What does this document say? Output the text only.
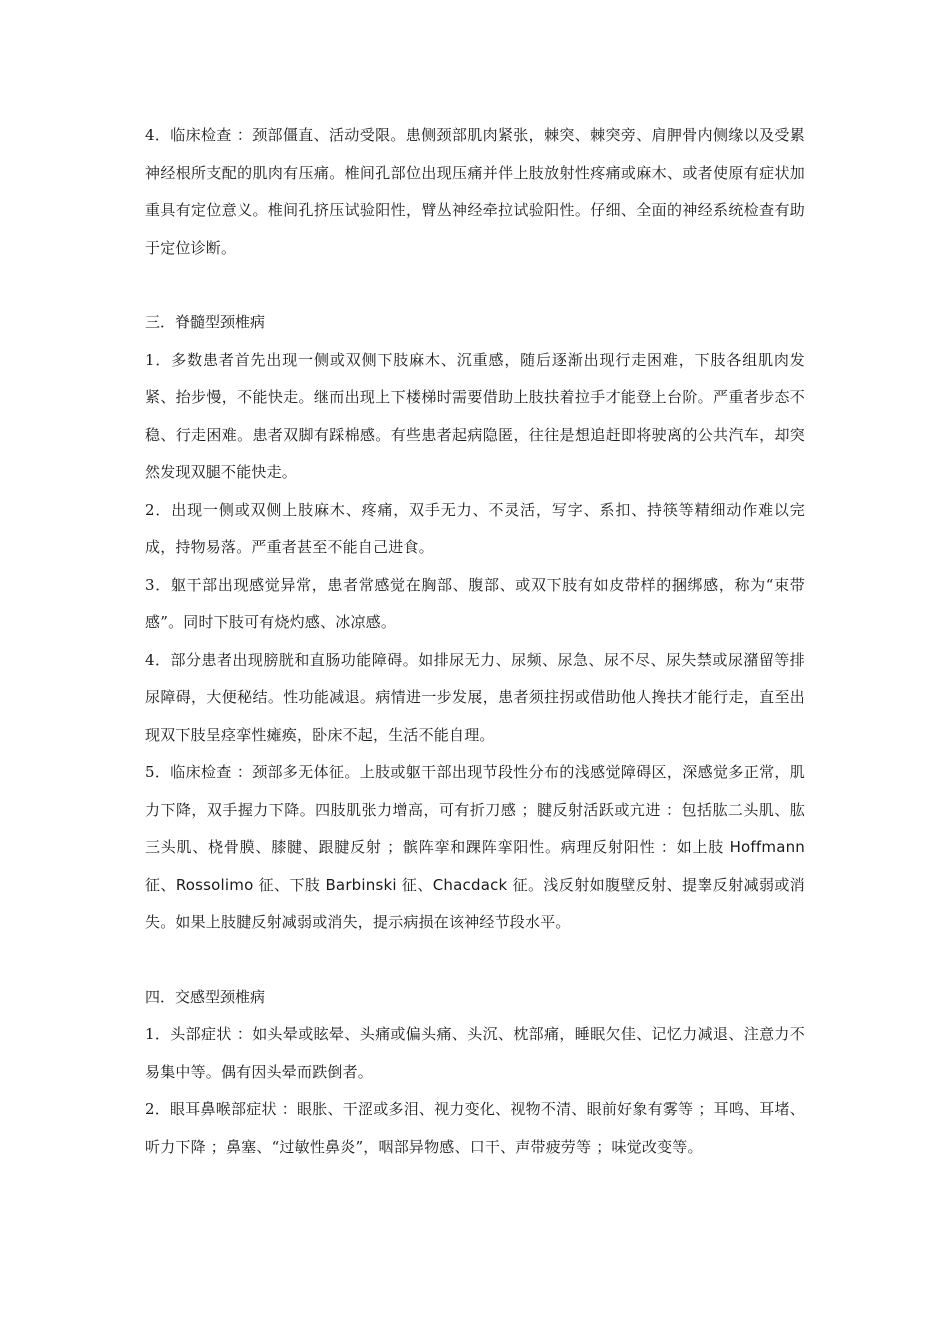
4．临床检查 ：颈部僵直、活动受限。患侧颈部肌肉紧张，棘突、棘突旁、肩胛骨内侧缘以及受累神经根所支配的肌肉有压痛。椎间孔部位出现压痛并伴上肢放射性疼痛或麻木、或者使原有症状加重具有定位意义。椎间孔挤压试验阳性，臂丛神经牵拉试验阳性。仔细、全面的神经系统检查有助于定位诊断。

三．脊髓型颈椎病

1．多数患者首先出现一侧或双侧下肢麻木、沉重感，随后逐渐出现行走困难，下肢各组肌肉发紧、抬步慢，不能快走。继而出现上下楼梯时需要借助上肢扶着拉手才能登上台阶。严重者步态不稳、行走困难。患者双脚有踩棉感。有些患者起病隐匿，往往是想追赶即将驶离的公共汽车，却突然发现双腿不能快走。

2．出现一侧或双侧上肢麻木、疼痛，双手无力、不灵活，写字、系扣、持筷等精细动作难以完成，持物易落。严重者甚至不能自己进食。

3．躯干部出现感觉异常，患者常感觉在胸部、腹部、或双下肢有如皮带样的捆绑感，称为“束带感”。同时下肢可有烧灼感、冰凉感。

4．部分患者出现膀胱和直肠功能障碍。如排尿无力、尿频、尿急、尿不尽、尿失禁或尿潴留等排尿障碍，大便秘结。性功能减退。病情进一步发展，患者须拄拐或借助他人搀扶才能行走，直至出现双下肢呈痉挛性瘫痪，卧床不起，生活不能自理。

5．临床检查 ：颈部多无体征。上肢或躯干部出现节段性分布的浅感觉障碍区，深感觉多正常，肌力下降，双手握力下降。四肢肌张力增高，可有折刀感 ；腱反射活跃或亢进 ：包括肱二头肌、肱三头肌、桡骨膜、膝腱、跟腱反射 ；髌阵挛和踝阵挛阳性。病理反射阳性 ：如上肢 Hoffmann 征、Rossolimo 征、下肢 Barbinski 征、Chacdack 征。浅反射如腹壁反射、提睾反射减弱或消失。如果上肢腱反射减弱或消失，提示病损在该神经节段水平。

四．交感型颈椎病

1．头部症状 ：如头晕或眩晕、头痛或偏头痛、头沉、枕部痛，睡眠欠佳、记忆力减退、注意力不易集中等。偶有因头晕而跌倒者。

2．眼耳鼻喉部症状 ：眼胀、干涩或多泪、视力变化、视物不清、眼前好象有雾等 ；耳鸣、耳堵、听力下降 ；鼻塞、“过敏性鼻炎”，咽部异物感、口干、声带疲劳等 ；味觉改变等。
